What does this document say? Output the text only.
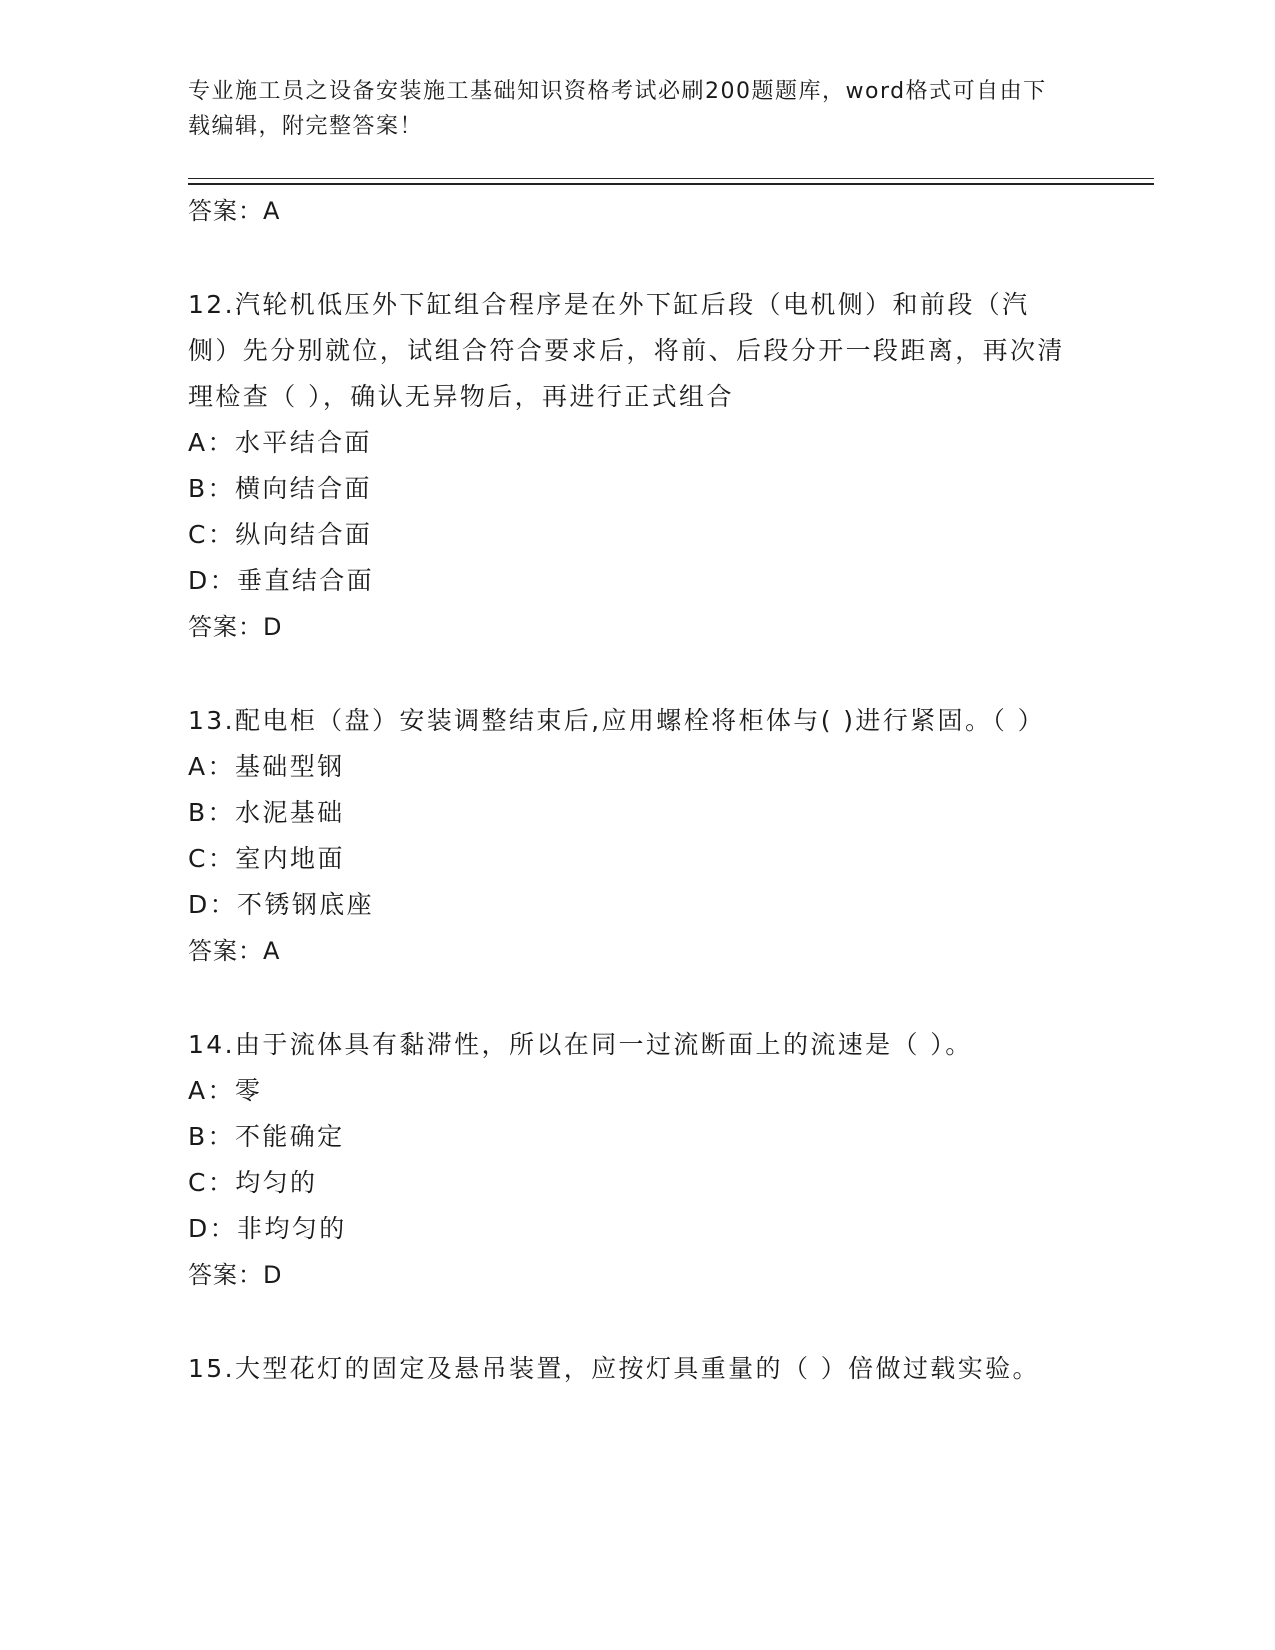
专业施工员之设备安装施工基础知识资格考试必刷200题题库，word格式可自由下载编辑，附完整答案！

答案：A

12.汽轮机低压外下缸组合程序是在外下缸后段（电机侧）和前段（汽侧）先分别就位，试组合符合要求后，将前、后段分开一段距离，再次清理检查（ ），确认无异物后，再进行正式组合

A：水平结合面

B：横向结合面

C：纵向结合面

D：垂直结合面

答案：D

13.配电柜（盘）安装调整结束后,应用螺栓将柜体与( )进行紧固。（ ）

A：基础型钢

B：水泥基础

C：室内地面

D：不锈钢底座

答案：A

14.由于流体具有黏滞性，所以在同一过流断面上的流速是（ ）。

A：零

B：不能确定

C：均匀的

D：非均匀的

答案：D

15.大型花灯的固定及悬吊装置，应按灯具重量的（ ）倍做过载实验。
